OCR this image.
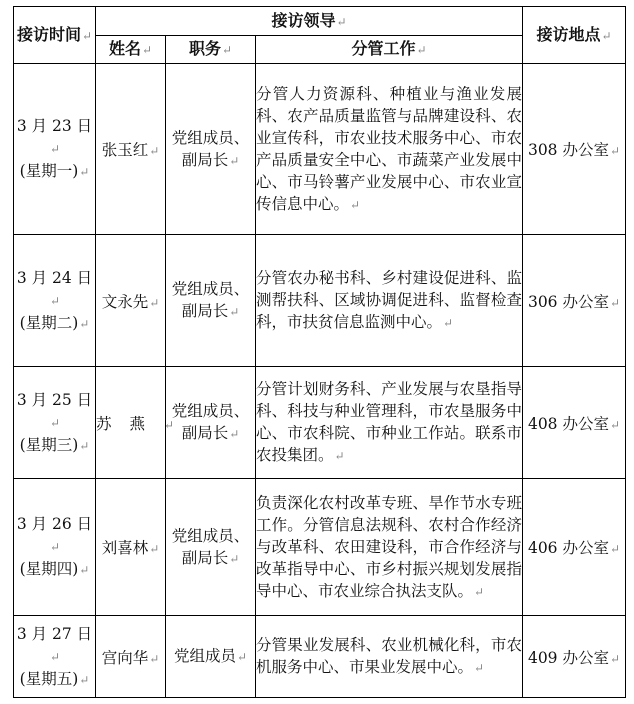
接访时间↵	接访领导↵			接访地点↵
	姓名↵	职务↵	分管工作↵	
3 月 23 日↵
(星期一)↵	张玉红↵	党组成员、副局长↵	分管人力资源科、种植业与渔业发展科、农产品质量监管与品牌建设科、农业宣传科，市农业技术服务中心、市农产品质量安全中心、市蔬菜产业发展中心、市马铃薯产业发展中心、市农业宣传信息中心。↵	308 办公室↵
3 月 24 日↵
(星期二)↵	文永先↵	党组成员、副局长↵	分管农办秘书科、乡村建设促进科、监测帮扶科、区域协调促进科、监督检查科，市扶贫信息监测中心。↵	306 办公室↵
3 月 25 日↵
(星期三)↵	苏燕↵	党组成员、副局长↵	分管计划财务科、产业发展与农垦指导科、科技与种业管理科，市农垦服务中心、市农科院、市种业工作站。联系市农投集团。↵	408 办公室↵
3 月 26 日↵
(星期四)↵	刘喜林↵	党组成员、副局长↵	负责深化农村改革专班、旱作节水专班工作。分管信息法规科、农村合作经济与改革科、农田建设科，市合作经济与改革指导中心、市乡村振兴规划发展指导中心、市农业综合执法支队。↵	406 办公室↵
3 月 27 日↵
(星期五)↵	宫向华↵	党组成员↵	分管果业发展科、农业机械化科，市农机服务中心、市果业发展中心。↵	409 办公室↵
